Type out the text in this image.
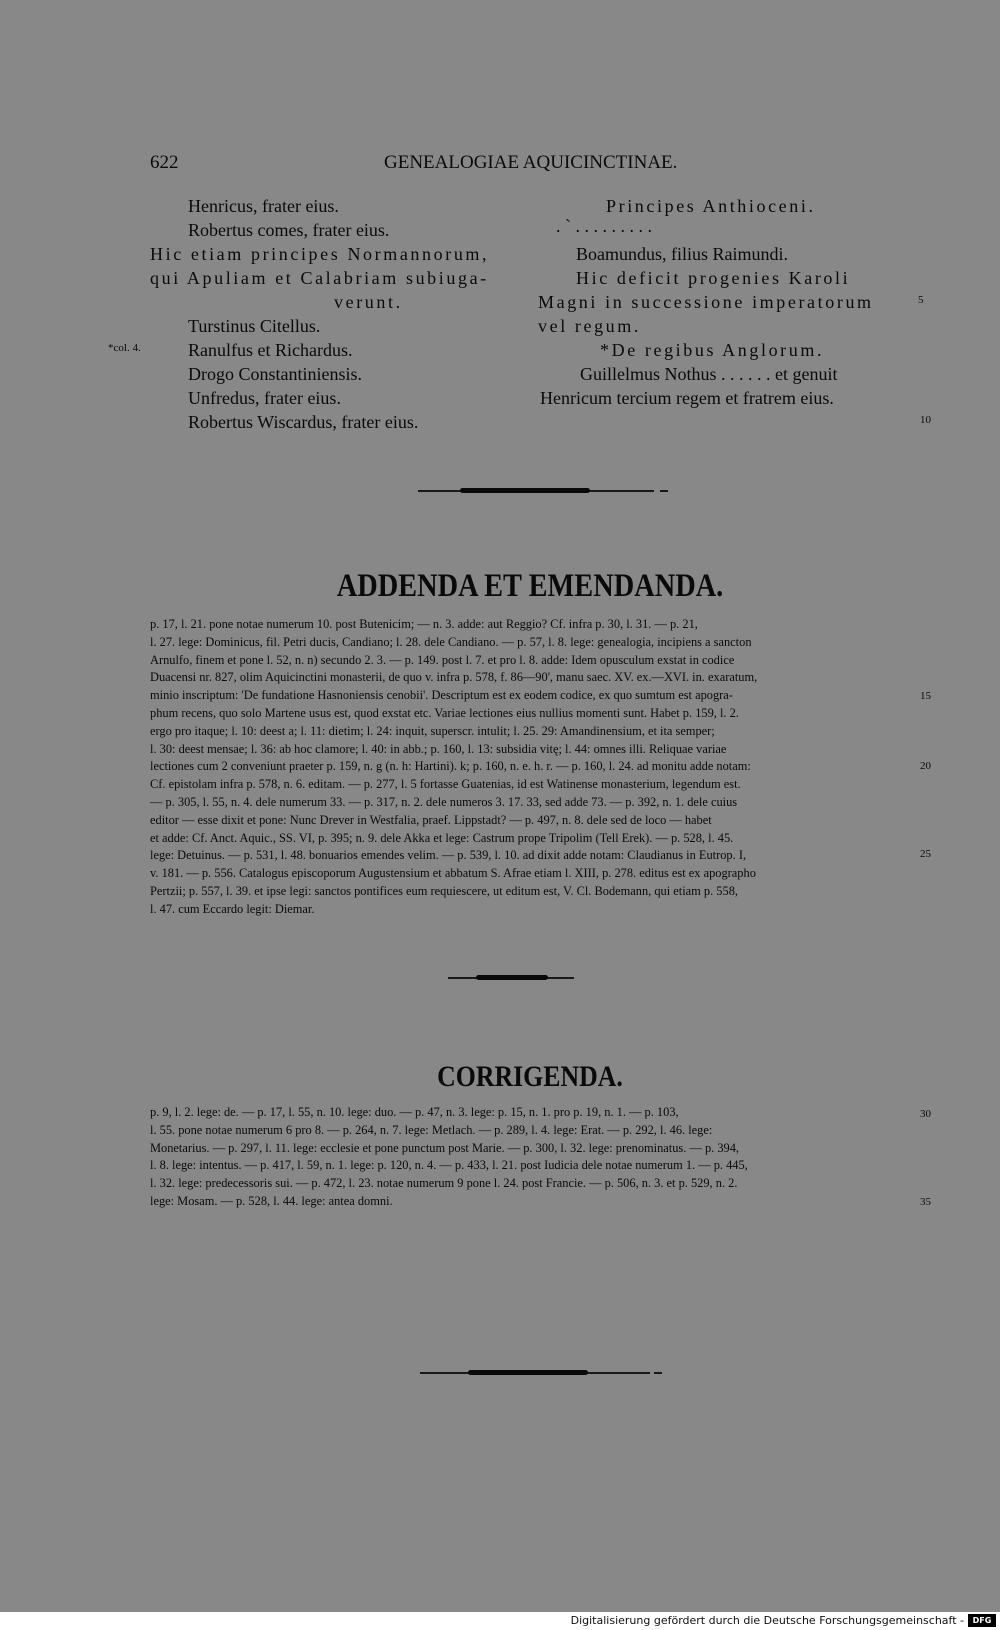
622	GENEALOGIAE AQUICINCTINAE.
Henricus, frater eius.
Robertus comes, frater eius.
Hic etiam principes Normannorum,
qui Apuliam et Calabriam subiuga-
verunt.
Turstinus Citellus.
*col. 4.	Ranulfus et Richardus.
Drogo Constantiniensis.
Unfredus, frater eius.
Robertus Wiscardus, frater eius.
Principes Anthioceni.
. ` . . . . . . . . .
Boamundus, filius Raimundi.
Hic deficit progenies Karoli
Magni in successione imperatorum
vel regum.
*De regibus Anglorum.
Guillelmus Nothus . . . . . . et genuit
Henricum tercium regem et fratrem eius.
5
10
ADDENDA ET EMENDANDA.
p. 17, l. 21. pone notae numerum 10. post Butenicim; — n. 3. adde: aut Reggio? Cf. infra p. 30, l. 31. — p. 21,
l. 27. lege: Dominicus, fil. Petri ducis, Candiano; l. 28. dele Candiano. — p. 57, l. 8. lege: genealogia, incipiens a sancton
Arnulfo, finem et pone l. 52, n. n) secundo 2. 3. — p. 149. post l. 7. et pro l. 8. adde: Idem opusculum exstat in codice
Duacensi nr. 827, olim Aquicinctini monasterii, de quo v. infra p. 578, f. 86—90', manu saec. XV. ex.—XVI. in. exaratum,
minio inscriptum: 'De fundatione Hasnoniensis cenobii'. Descriptum est ex eodem codice, ex quo sumtum est apogra-
phum recens, quo solo Martene usus est, quod exstat etc. Variae lectiones eius nullius momenti sunt. Habet p. 159, l. 2.
ergo pro itaque; l. 10: deest a; l. 11: dietim; l. 24: inquit, superscr. intulit; l. 25. 29: Amandinensium, et ita semper;
l. 30: deest mensae; l. 36: ab hoc clamore; l. 40: in abb.; p. 160, l. 13: subsidia vitę; l. 44: omnes illi. Reliquae variae
lectiones cum 2 conveniunt praeter p. 159, n. g (n. h: Hartini). k; p. 160, n. e. h. r. — p. 160, l. 24. ad monitu adde notam:
Cf. epistolam infra p. 578, n. 6. editam. — p. 277, l. 5 fortasse Guatenias, id est Watinense monasterium, legendum est.
— p. 305, l. 55, n. 4. dele numerum 33. — p. 317, n. 2. dele numeros 3. 17. 33, sed adde 73. — p. 392, n. 1. dele cuius
editor — esse dixit et pone: Nunc Drever in Westfalia, praef. Lippstadt? — p. 497, n. 8. dele sed de loco — habet
et adde: Cf. Anct. Aquic., SS. VI, p. 395; n. 9. dele Akka et lege: Castrum prope Tripolim (Tell Erek). — p. 528, l. 45.
lege: Detuinus. — p. 531, l. 48. bonuarios emendes velim. — p. 539, l. 10. ad dixit adde notam: Claudianus in Eutrop. I,
v. 181. — p. 556. Catalogus episcoporum Augustensium et abbatum S. Afrae etiam l. XIII, p. 278. editus est ex apographo
Pertzii; p. 557, l. 39. et ipse legi: sanctos pontifices eum requiescere, ut editum est, V. Cl. Bodemann, qui etiam p. 558,
l. 47. cum Eccardo legit: Diemar.
15
20
25
CORRIGENDA.
p. 9, l. 2. lege: de. — p. 17, l. 55, n. 10. lege: duo. — p. 47, n. 3. lege: p. 15, n. 1. pro p. 19, n. 1. — p. 103,
l. 55. pone notae numerum 6 pro 8. — p. 264, n. 7. lege: Metlach. — p. 289, l. 4. lege: Erat. — p. 292, l. 46. lege:
Monetarius. — p. 297, l. 11. lege: ecclesie et pone punctum post Marie. — p. 300, l. 32. lege: prenominatus. — p. 394,
l. 8. lege: intentus. — p. 417, l. 59, n. 1. lege: p. 120, n. 4. — p. 433, l. 21. post Iudicia dele notae numerum 1. — p. 445,
l. 32. lege: predecessoris sui. — p. 472, l. 23. notae numerum 9 pone l. 24. post Francie. — p. 506, n. 3. et p. 529, n. 2.
lege: Mosam. — p. 528, l. 44. lege: antea domni.
30
35
Digitalisierung gefördert durch die Deutsche Forschungsgemeinschaft -	DFG
